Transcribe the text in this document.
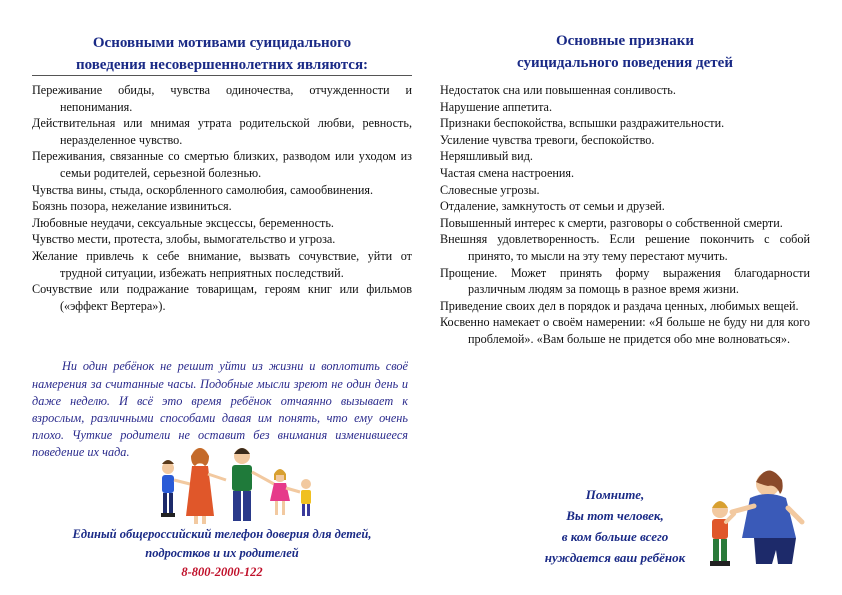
Основными мотивами суицидального
поведения несовершеннолетних являются:
Переживание обиды, чувства одиночества, отчужденности и непонимания.
Действительная или мнимая утрата родительской любви, ревность, неразделенное чувство.
Переживания, связанные со смертью близких, разводом или уходом из семьи родителей, серьезной болезнью.
Чувства вины, стыда, оскорбленного самолюбия, самообвинения.
Боязнь позора, нежелание извиниться.
Любовные неудачи, сексуальные эксцессы, беременность.
Чувство мести, протеста, злобы, вымогательство и угроза.
Желание привлечь к себе внимание, вызвать сочувствие, уйти от трудной ситуации, избежать неприятных последствий.
Сочувствие или подражание товарищам, героям книг или фильмов («эффект Вертера»).

Ни один ребёнок не решит уйти из жизни и воплотить своё намерения за считанные часы. Подобные мысли зреют не один день и даже неделю. И всё это время ребёнок отчаянно вызывает к взрослым, различными способами давая им понять, что ему очень плохо. Чуткие родители не оставит без внимания изменившееся поведение их чада.

Единый общероссийский телефон доверия для детей,
подростков и их родителей
8-800-2000-122
Основные признаки
суицидального поведения детей
Недостаток сна или повышенная сонливость.
Нарушение аппетита.
Признаки беспокойства, вспышки раздражительности.
Усиление чувства тревоги, беспокойство.
Неряшливый вид.
Частая смена настроения.
Словесные угрозы.
Отдаление, замкнутость от семьи и друзей.
Повышенный интерес к смерти, разговоры о собственной смерти.
Внешняя удовлетворенность. Если решение покончить с собой принято, то мысли на эту тему перестают мучить.
Прощение. Может принять форму выражения благодарности различным людям за помощь в разное время жизни.
Приведение своих дел в порядок и раздача ценных, любимых вещей.
Косвенно намекает о своём намерении: «Я больше не буду ни для кого проблемой». «Вам больше не придется обо мне волноваться».
Помните,
Вы тот человек,
в ком больше всего
нуждается ваш ребёнок
